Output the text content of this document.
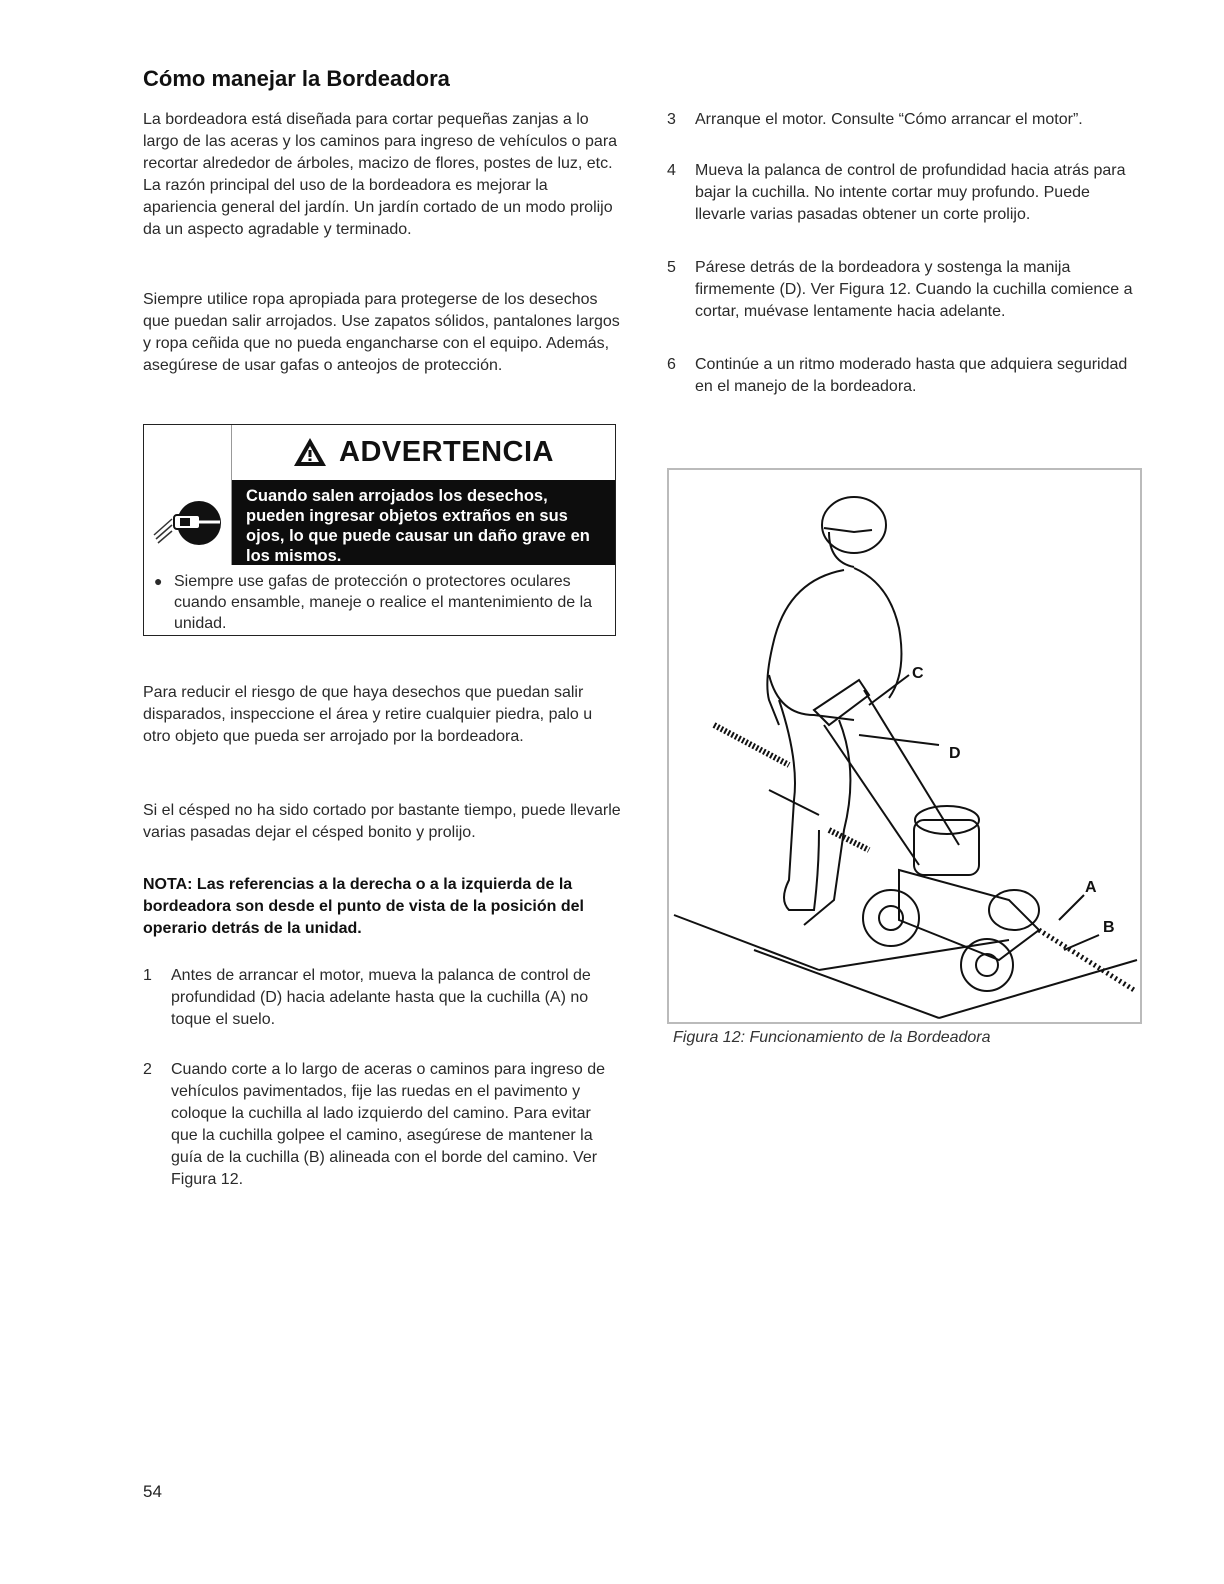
Cómo manejar la Bordeadora

La bordeadora está diseñada para cortar pequeñas zanjas a lo largo de las aceras y los caminos para ingreso de vehículos o para recortar alrededor de árboles, macizo de flores, postes de luz, etc. La razón principal del uso de la bordeadora es mejorar la apariencia general del jardín. Un jardín cortado de un modo prolijo da un aspecto agradable y terminado.

Siempre utilice ropa apropiada para protegerse de los desechos que puedan salir arrojados. Use zapatos sólidos, pantalones largos y ropa ceñida que no pueda engancharse con el equipo. Además, asegúrese de usar gafas o anteojos de protección.

ADVERTENCIA
Cuando salen arrojados los desechos, pueden ingresar objetos extraños en sus ojos, lo que puede causar un daño grave en los mismos.
● Siempre use gafas de protección o protectores oculares cuando ensamble, maneje o realice el mantenimiento de la unidad.

Para reducir el riesgo de que haya desechos que puedan salir disparados, inspeccione el área y retire cualquier piedra, palo u otro objeto que pueda ser arrojado por la bordeadora.

Si el césped no ha sido cortado por bastante tiempo, puede llevarle varias pasadas dejar el césped bonito y prolijo.

NOTA: Las referencias a la derecha o a la izquierda de la bordeadora son desde el punto de vista de la posición del operario detrás de la unidad.

1	Antes de arrancar el motor, mueva la palanca de control de profundidad (D) hacia adelante hasta que la cuchilla (A) no toque el suelo.
2	Cuando corte a lo largo de aceras o caminos para ingreso de vehículos pavimentados, fije las ruedas en el pavimento y coloque la cuchilla al lado izquierdo del camino. Para evitar que la cuchilla golpee el camino, asegúrese de mantener la guía de la cuchilla (B) alineada con el borde del camino. Ver Figura 12.
3	Arranque el motor. Consulte “Cómo arrancar el motor”.
4	Mueva la palanca de control de profundidad hacia atrás para bajar la cuchilla. No intente cortar muy profundo. Puede llevarle varias pasadas obtener un corte prolijo.
5	Párese detrás de la bordeadora y sostenga la manija firmemente (D). Ver Figura 12. Cuando la cuchilla comience a cortar, muévase lentamente hacia adelante.
6	Continúe a un ritmo moderado hasta que adquiera seguridad en el manejo de la bordeadora.
C
D
A
B
Figura 12: Funcionamiento de la Bordeadora
54
